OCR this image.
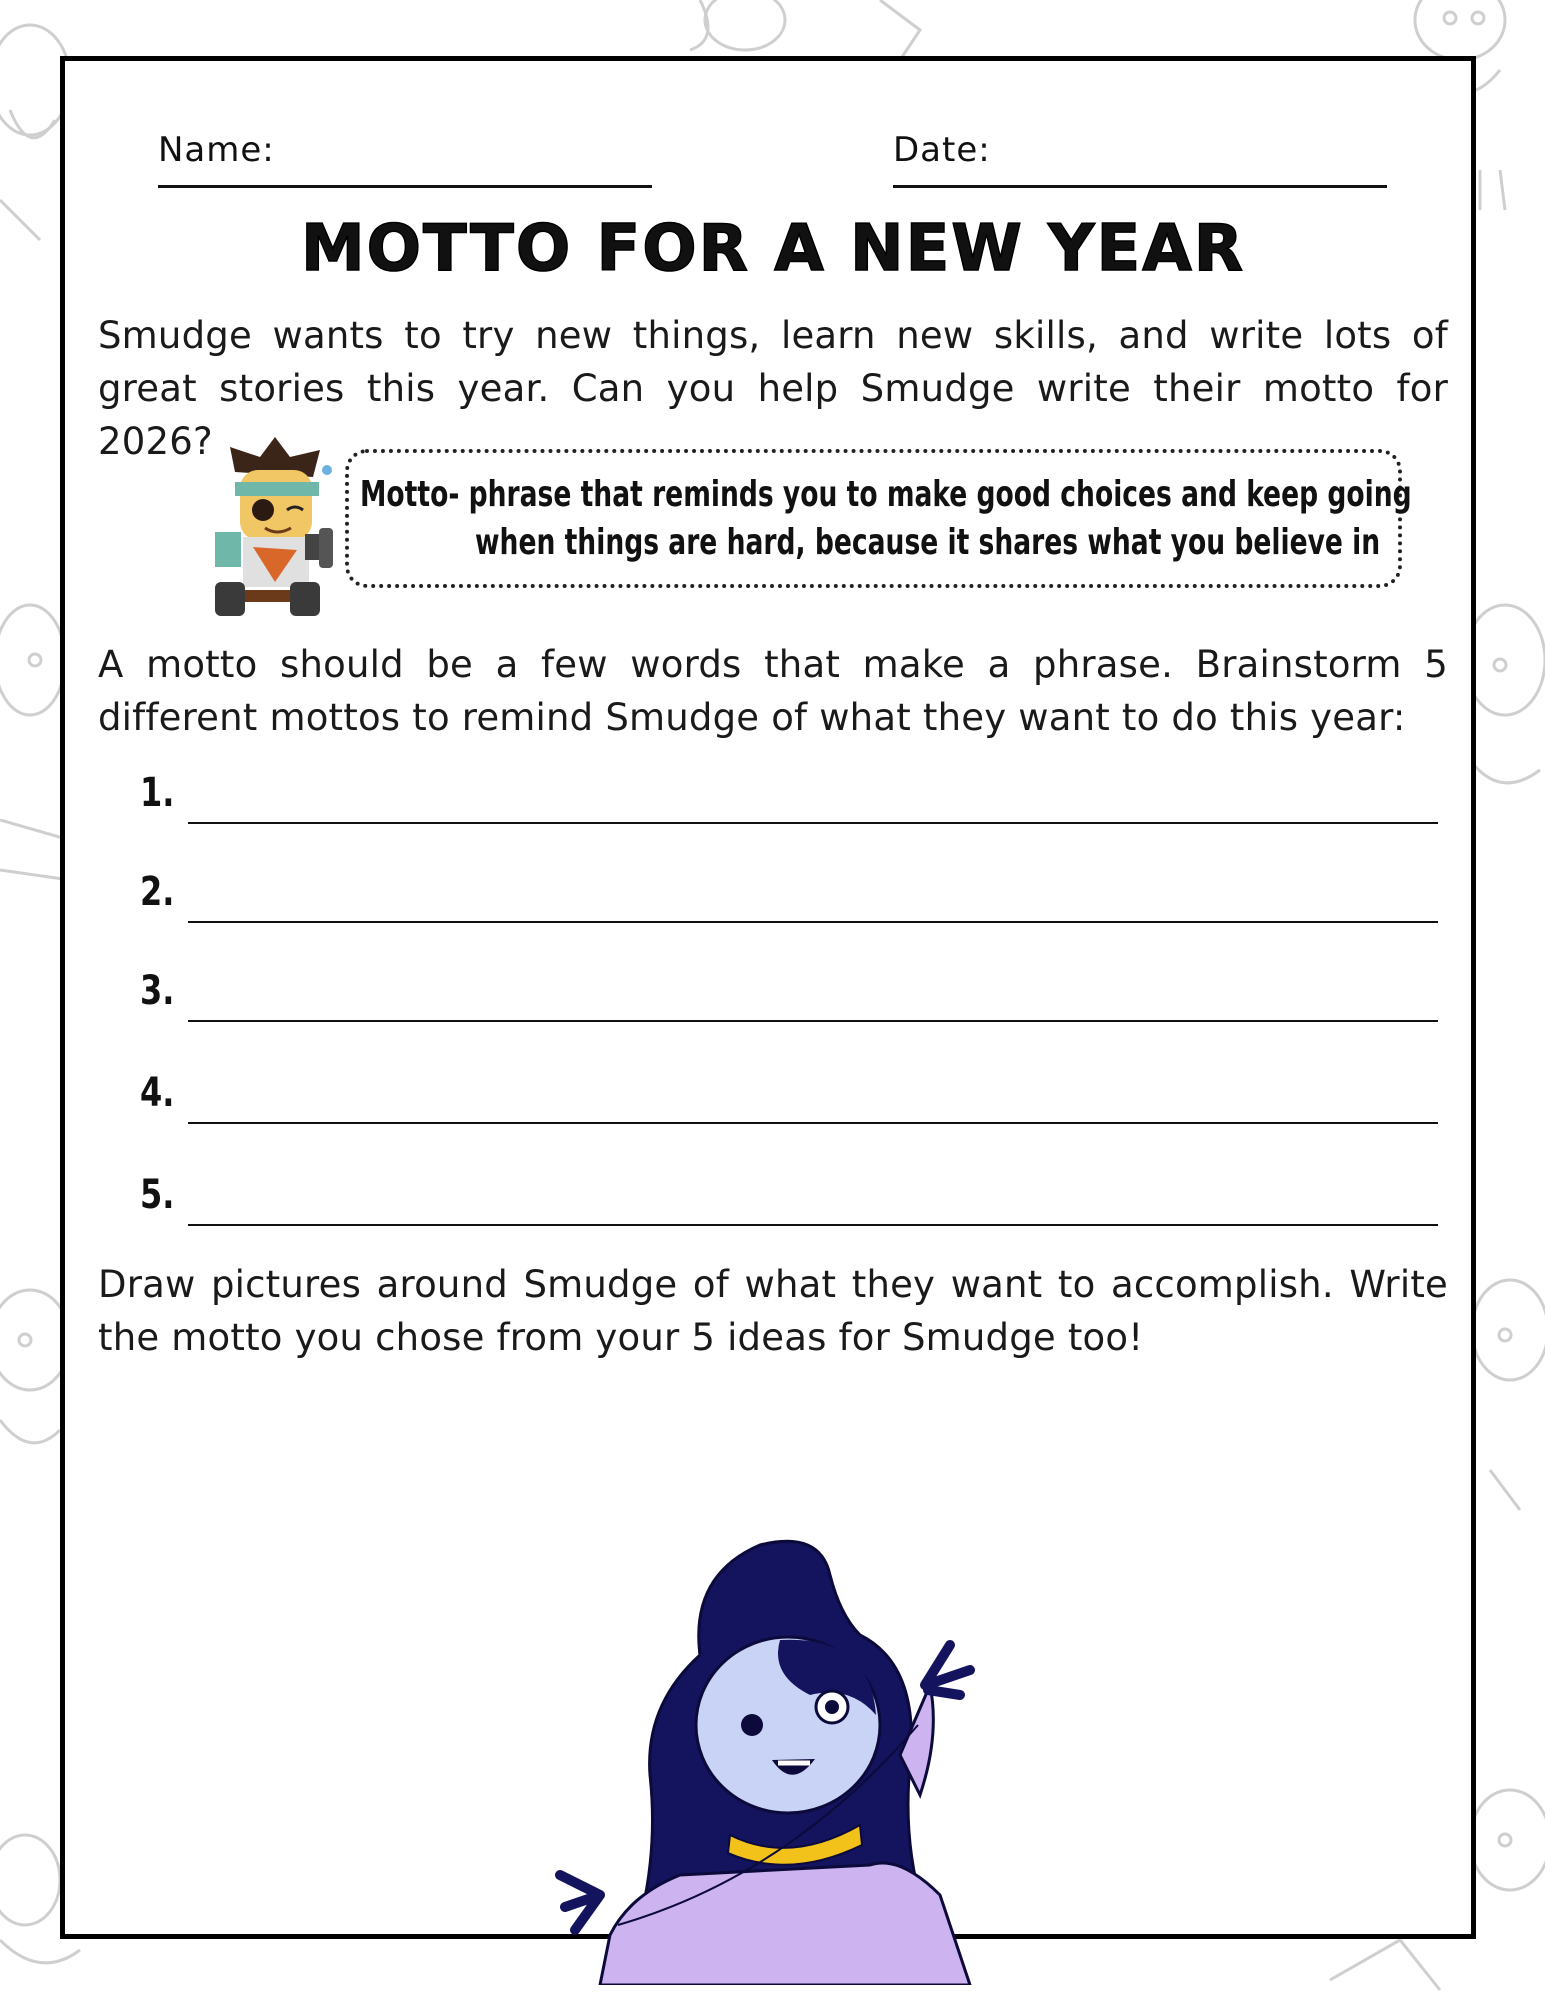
Name:	Date:
MOTTO FOR A NEW YEAR
Smudge wants to try new things, learn new skills, and write lots of great stories this year. Can you help Smudge write their motto for 2026?
Motto- phrase that reminds you to make good choices and keep going
when things are hard, because it shares what you believe in
A motto should be a few words that make a phrase. Brainstorm 5 different mottos to remind Smudge of what they want to do this year:
1.
2.
3.
4.
5.
Draw pictures around Smudge of what they want to accomplish. Write the motto you chose from your 5 ideas for Smudge too!
